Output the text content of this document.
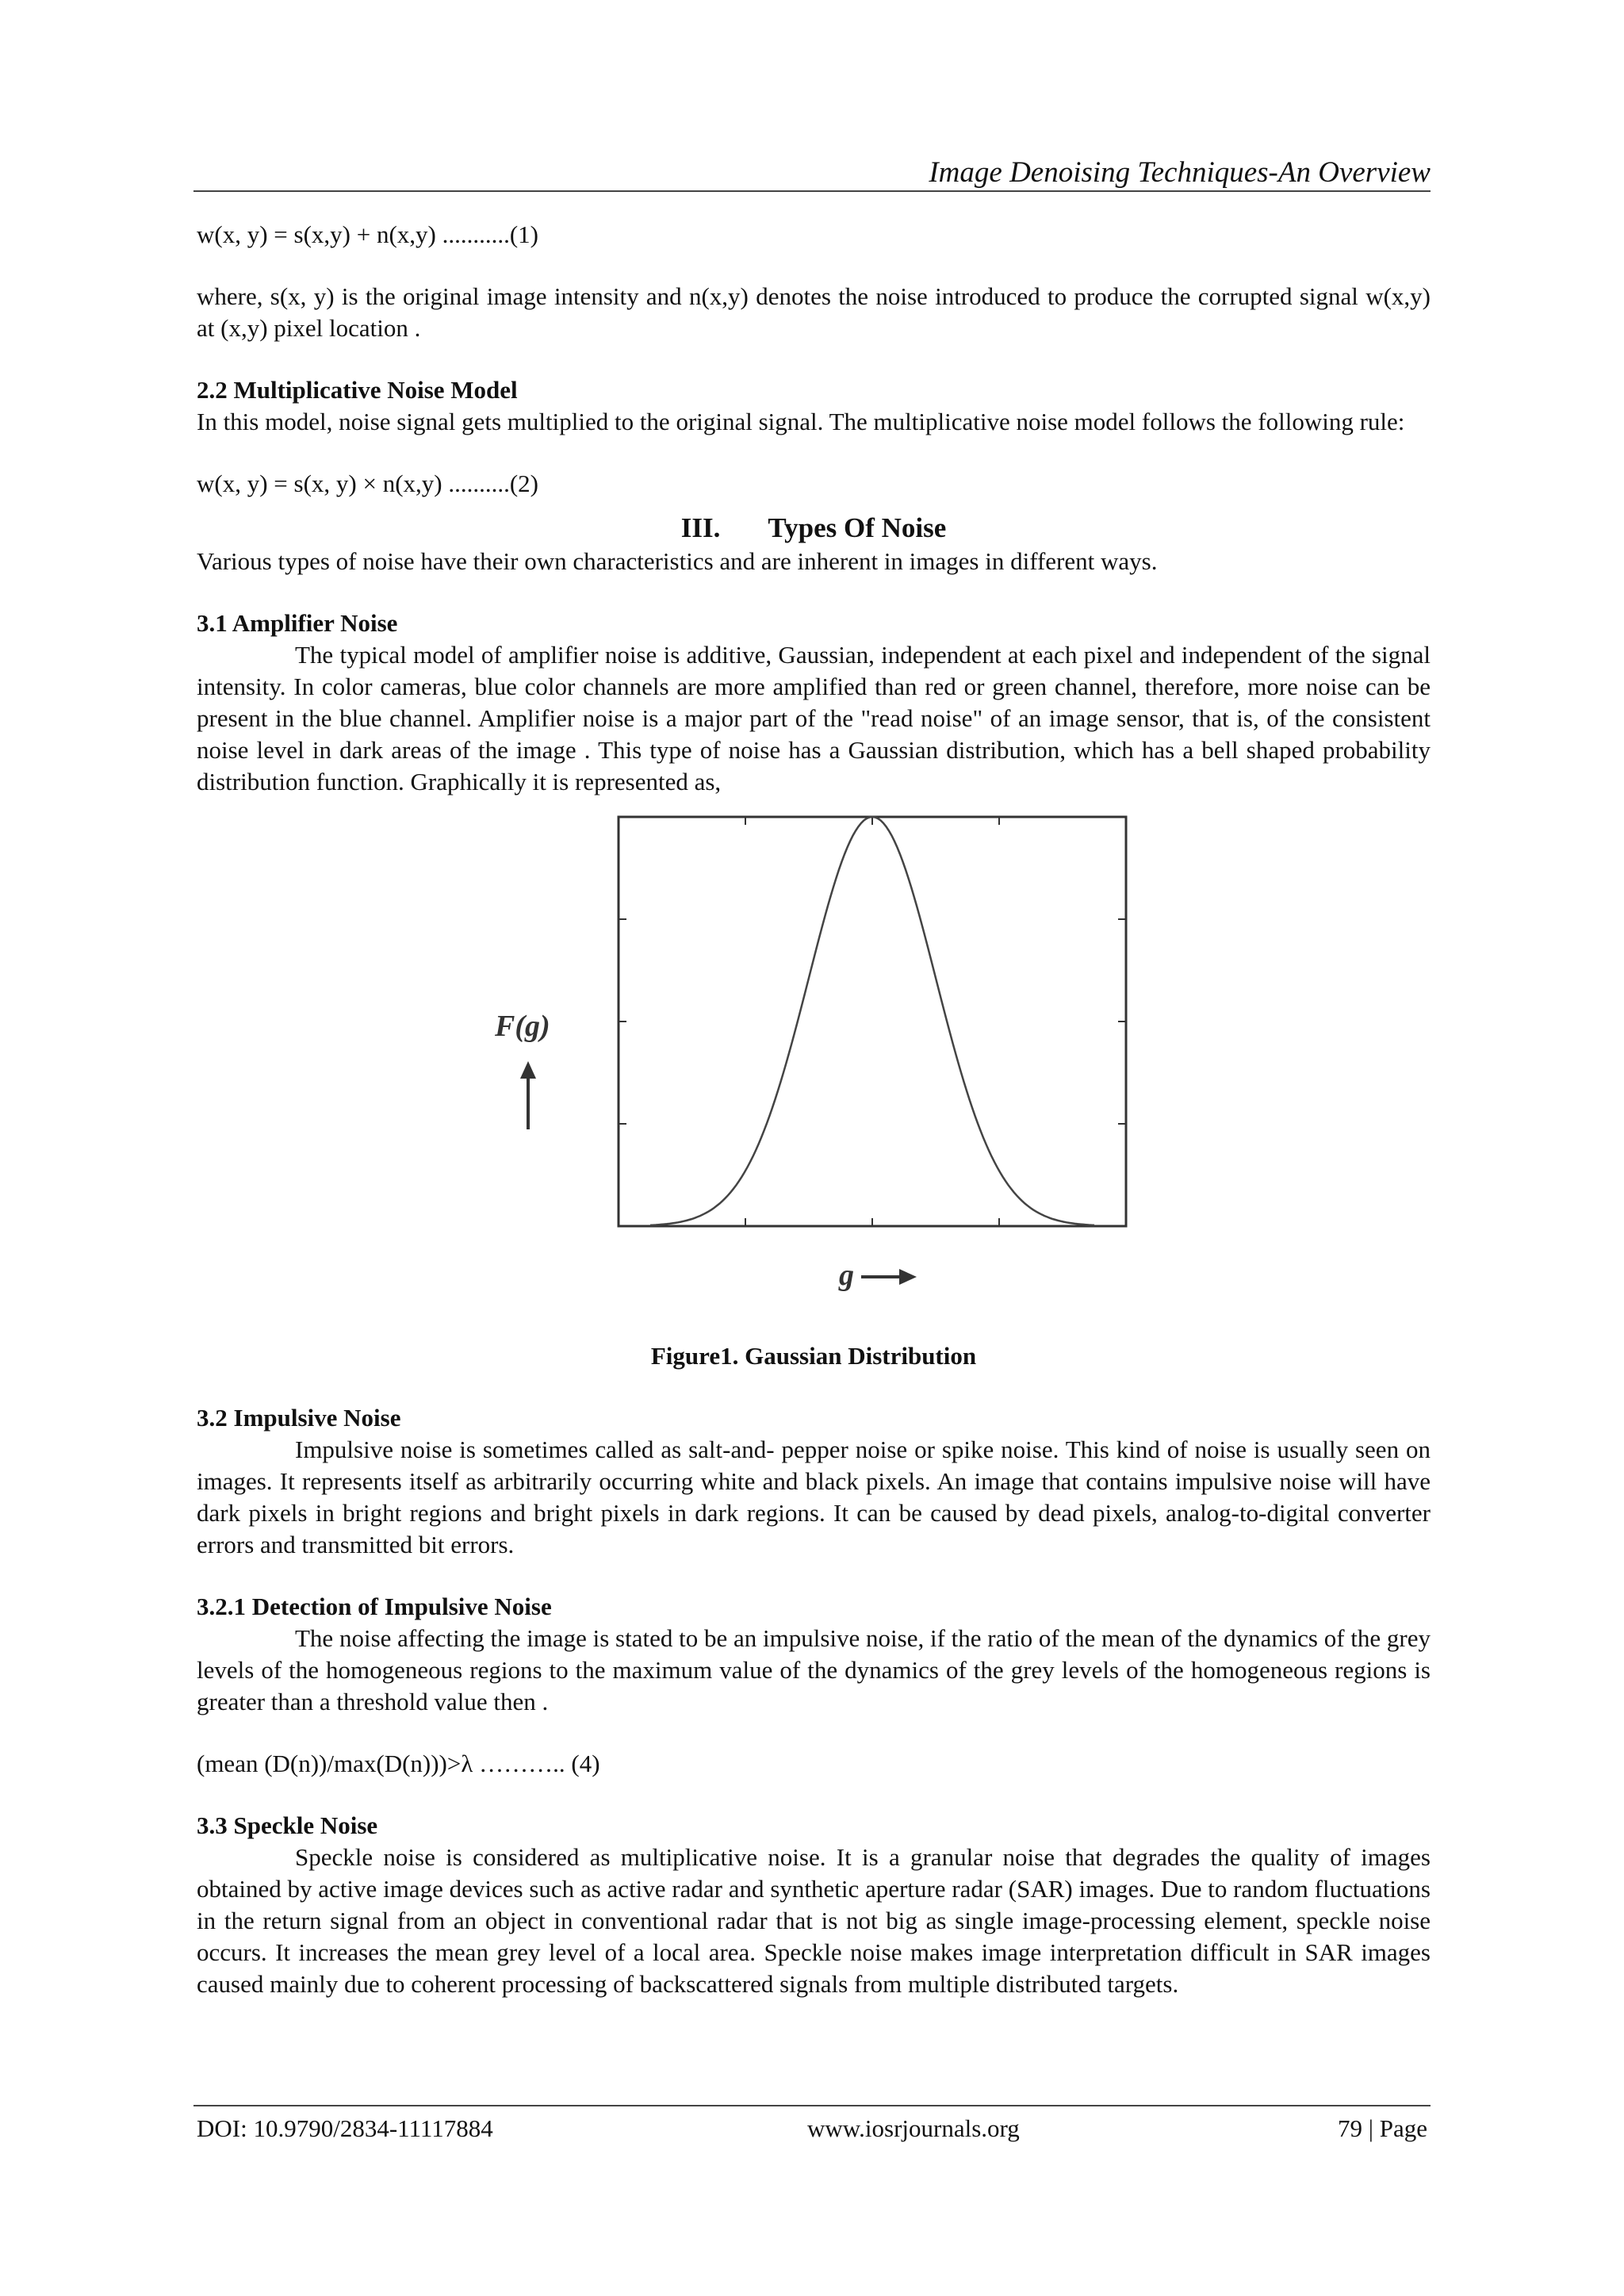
Image Denoising Techniques-An Overview

w(x, y) = s(x,y) + n(x,y) ...........(1)

where, s(x, y) is the original image intensity and n(x,y) denotes the noise introduced to produce the corrupted signal w(x,y) at (x,y) pixel location .

2.2 Multiplicative Noise Model

In this model, noise signal gets multiplied to the original signal. The multiplicative noise model follows the following rule:

w(x, y) = s(x, y) × n(x,y) ..........(2)

III. Types Of Noise

Various types of noise have their own characteristics and are inherent in images in different ways.

3.1 Amplifier Noise

The typical model of amplifier noise is additive, Gaussian, independent at each pixel and independent of the signal intensity. In color cameras, blue color channels are more amplified than red or green channel, therefore, more noise can be present in the blue channel. Amplifier noise is a major part of the "read noise" of an image sensor, that is, of the consistent noise level in dark areas of the image . This type of noise has a Gaussian distribution, which has a bell shaped probability distribution function. Graphically it is represented as,

F(g)
g

Figure1. Gaussian Distribution

3.2 Impulsive Noise

Impulsive noise is sometimes called as salt-and- pepper noise or spike noise. This kind of noise is usually seen on images. It represents itself as arbitrarily occurring white and black pixels. An image that contains impulsive noise will have dark pixels in bright regions and bright pixels in dark regions. It can be caused by dead pixels, analog-to-digital converter errors and transmitted bit errors.

3.2.1 Detection of Impulsive Noise

The noise affecting the image is stated to be an impulsive noise, if the ratio of the mean of the dynamics of the grey levels of the homogeneous regions to the maximum value of the dynamics of the grey levels of the homogeneous regions is greater than a threshold value then .

(mean (D(n))/max(D(n)))>λ ……….. (4)

3.3 Speckle Noise

Speckle noise is considered as multiplicative noise. It is a granular noise that degrades the quality of images obtained by active image devices such as active radar and synthetic aperture radar (SAR) images. Due to random fluctuations in the return signal from an object in conventional radar that is not big as single image-processing element, speckle noise occurs. It increases the mean grey level of a local area. Speckle noise makes image interpretation difficult in SAR images caused mainly due to coherent processing of backscattered signals from multiple distributed targets.

DOI: 10.9790/2834-11117884	www.iosrjournals.org	79 | Page
